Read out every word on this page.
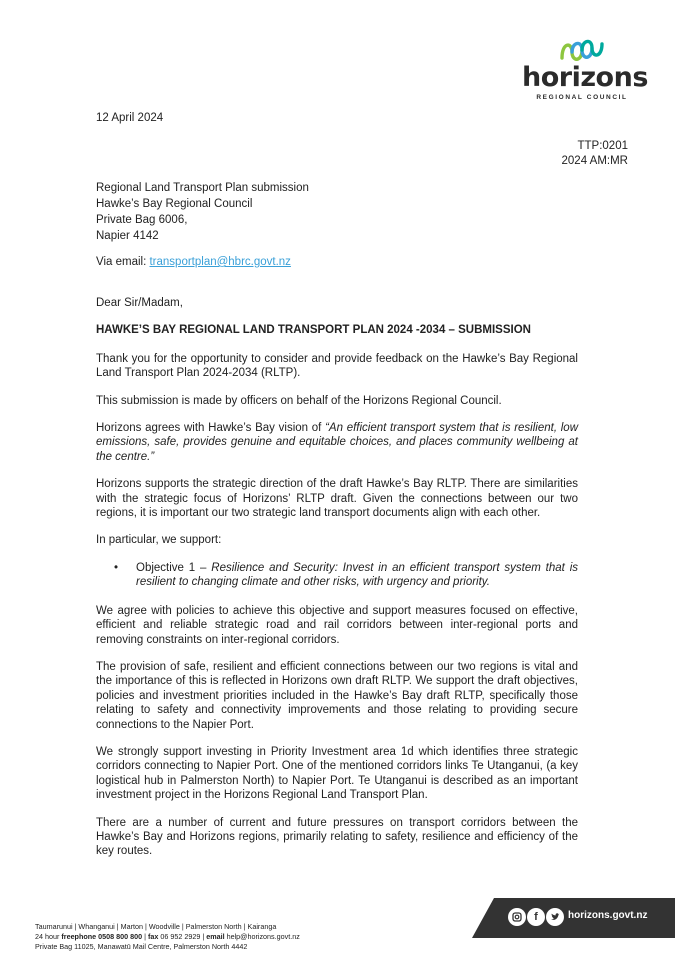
horizons
REGIONAL COUNCIL
12 April 2024
TTP:0201
2024 AM:MR
Regional Land Transport Plan submission
Hawke’s Bay Regional Council
Private Bag 6006,
Napier 4142
Via email: transportplan@hbrc.govt.nz

Dear Sir/Madam,

HAWKE’S BAY REGIONAL LAND TRANSPORT PLAN 2024 -2034 – SUBMISSION

Thank you for the opportunity to consider and provide feedback on the Hawke’s Bay Regional Land Transport Plan 2024-2034 (RLTP).

This submission is made by officers on behalf of the Horizons Regional Council.

Horizons agrees with Hawke’s Bay vision of “An efficient transport system that is resilient, low emissions, safe, provides genuine and equitable choices, and places community wellbeing at the centre.”

Horizons supports the strategic direction of the draft Hawke’s Bay RLTP. There are similarities with the strategic focus of Horizons’ RLTP draft. Given the connections between our two regions, it is important our two strategic land transport documents align with each other.

In particular, we support:

• Objective 1 – Resilience and Security: Invest in an efficient transport system that is resilient to changing climate and other risks, with urgency and priority.

We agree with policies to achieve this objective and support measures focused on effective, efficient and reliable strategic road and rail corridors between inter-regional ports and removing constraints on inter-regional corridors.

The provision of safe, resilient and efficient connections between our two regions is vital and the importance of this is reflected in Horizons own draft RLTP. We support the draft objectives, policies and investment priorities included in the Hawke’s Bay draft RLTP, specifically those relating to safety and connectivity improvements and those relating to providing secure connections to the Napier Port.

We strongly support investing in Priority Investment area 1d which identifies three strategic corridors connecting to Napier Port. One of the mentioned corridors links Te Utanganui, (a key logistical hub in Palmerston North) to Napier Port. Te Utanganui is described as an important investment project in the Horizons Regional Land Transport Plan.

There are a number of current and future pressures on transport corridors between the Hawke’s Bay and Horizons regions, primarily relating to safety, resilience and efficiency of the key routes.

Taumarunui | Whanganui | Marton | Woodville | Palmerston North | Kairanga
24 hour freephone 0508 800 800 | fax 06 952 2929 | email help@horizons.govt.nz
Private Bag 11025, Manawatū Mail Centre, Palmerston North 4442
f	horizons.govt.nz
